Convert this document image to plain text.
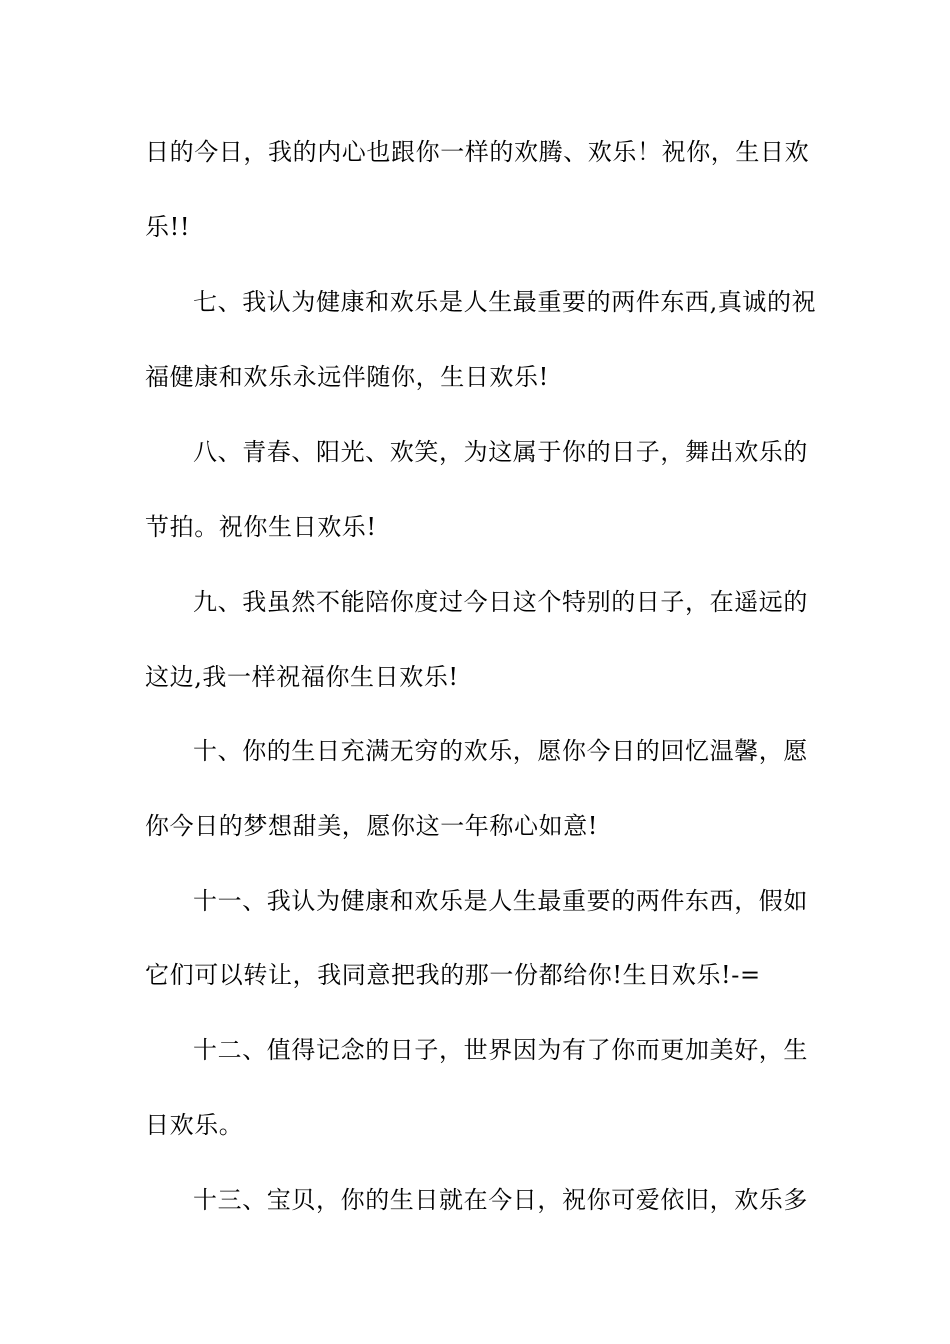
日的今日，我的内心也跟你一样的欢腾、欢乐！祝你，生日欢
乐!!
七、我认为健康和欢乐是人生最重要的两件东西,真诚的祝
福健康和欢乐永远伴随你，生日欢乐!
八、青春、阳光、欢笑，为这属于你的日子，舞出欢乐的
节拍。祝你生日欢乐!
九、我虽然不能陪你度过今日这个特别的日子，在遥远的
这边,我一样祝福你生日欢乐!
十、你的生日充满无穷的欢乐，愿你今日的回忆温馨，愿
你今日的梦想甜美，愿你这一年称心如意!
十一、我认为健康和欢乐是人生最重要的两件东西，假如
它们可以转让，我同意把我的那一份都给你!生日欢乐!-=
十二、值得记念的日子，世界因为有了你而更加美好，生
日欢乐。
十三、宝贝，你的生日就在今日，祝你可爱依旧，欢乐多
